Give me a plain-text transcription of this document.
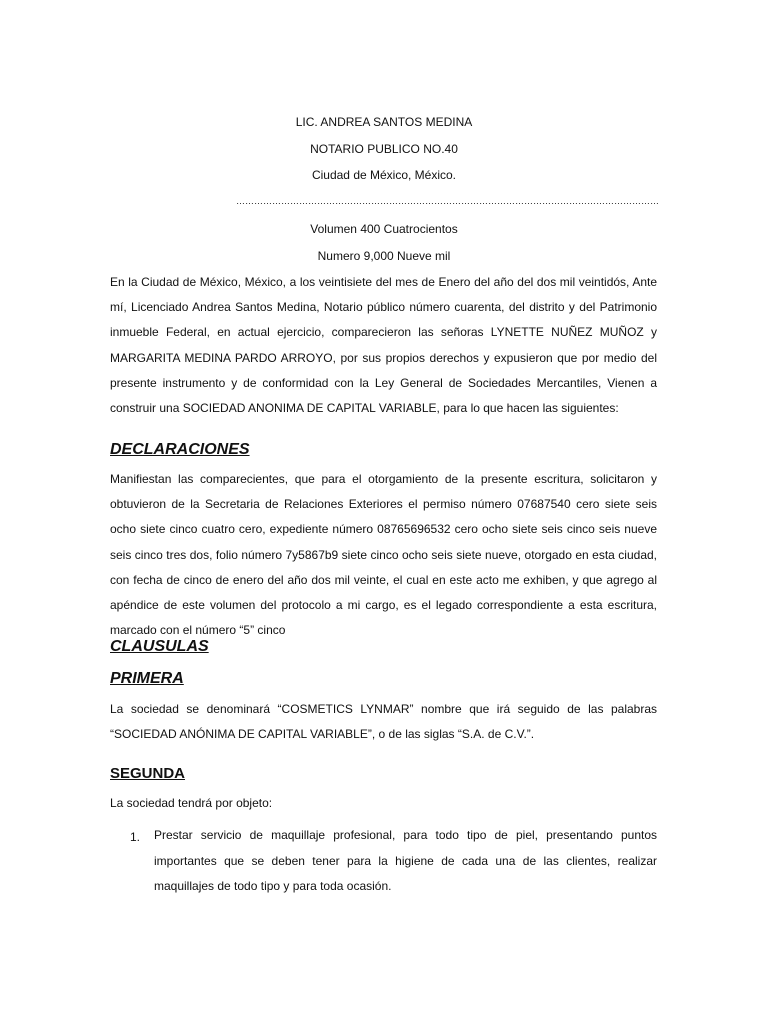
LIC. ANDREA SANTOS MEDINA
NOTARIO PUBLICO NO.40
Ciudad de México, México.
……………………………………………………………………………………………………………………………
Volumen 400 Cuatrocientos
Numero 9,000 Nueve mil

En la Ciudad de México, México, a los veintisiete del mes de Enero del año del dos mil veintidós, Ante mí, Licenciado Andrea Santos Medina, Notario público número cuarenta, del distrito y del Patrimonio inmueble Federal, en actual ejercicio, comparecieron las señoras LYNETTE NUÑEZ MUÑOZ y MARGARITA MEDINA PARDO ARROYO, por sus propios derechos y expusieron que por medio del presente instrumento y de conformidad con la Ley General de Sociedades Mercantiles, Vienen a construir una SOCIEDAD ANONIMA DE CAPITAL VARIABLE, para lo que hacen las siguientes:

DECLARACIONES

Manifiestan las comparecientes, que para el otorgamiento de la presente escritura, solicitaron y obtuvieron de la Secretaria de Relaciones Exteriores el permiso número 07687540 cero siete seis ocho siete cinco cuatro cero, expediente número 08765696532 cero ocho siete seis cinco seis nueve seis cinco tres dos, folio número 7y5867b9 siete cinco ocho seis siete nueve, otorgado en esta ciudad, con fecha de cinco de enero del año dos mil veinte, el cual en este acto me exhiben, y que agrego al apéndice de este volumen del protocolo a mi cargo, es el legado correspondiente a esta escritura, marcado con el número “5” cinco

CLAUSULAS
PRIMERA

La sociedad se denominará “COSMETICS LYNMAR” nombre que irá seguido de las palabras “SOCIEDAD ANÓNIMA DE CAPITAL VARIABLE”, o de las siglas “S.A. de C.V.”.

SEGUNDA

La sociedad tendrá por objeto:

1. Prestar servicio de maquillaje profesional, para todo tipo de piel, presentando puntos importantes que se deben tener para la higiene de cada una de las clientes, realizar maquillajes de todo tipo y para toda ocasión.
